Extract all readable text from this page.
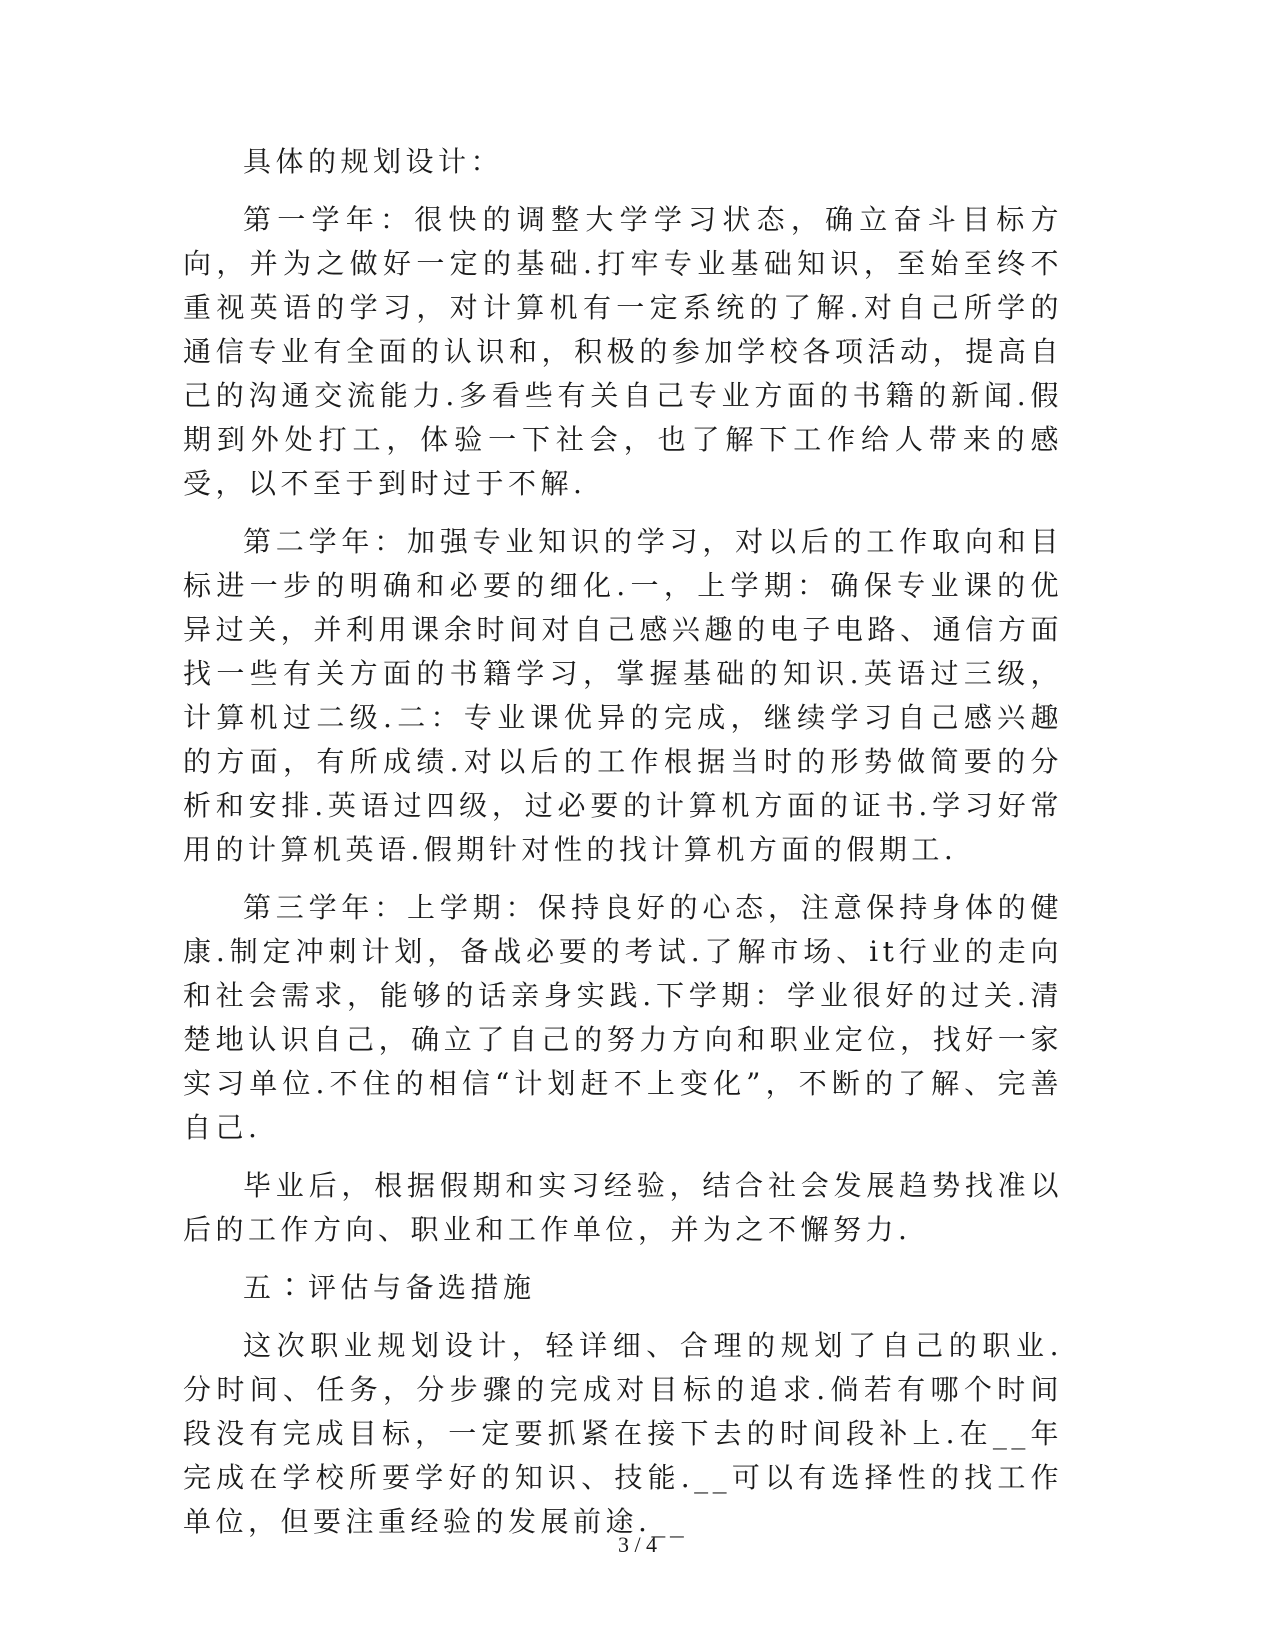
具体的规划设计：

第一学年：很快的调整大学学习状态，确立奋斗目标方向，并为之做好一定的基础.打牢专业基础知识，至始至终不重视英语的学习，对计算机有一定系统的了解.对自己所学的通信专业有全面的认识和，积极的参加学校各项活动，提高自己的沟通交流能力.多看些有关自己专业方面的书籍的新闻.假期到外处打工，体验一下社会，也了解下工作给人带来的感受，以不至于到时过于不解.

第二学年：加强专业知识的学习，对以后的工作取向和目标进一步的明确和必要的细化.一，上学期：确保专业课的优异过关，并利用课余时间对自己感兴趣的电子电路、通信方面找一些有关方面的书籍学习，掌握基础的知识.英语过三级，计算机过二级.二：专业课优异的完成，继续学习自己感兴趣的方面，有所成绩.对以后的工作根据当时的形势做简要的分析和安排.英语过四级，过必要的计算机方面的证书.学习好常用的计算机英语.假期针对性的找计算机方面的假期工.

第三学年：上学期：保持良好的心态，注意保持身体的健康.制定冲刺计划，备战必要的考试.了解市场、it行业的走向和社会需求，能够的话亲身实践.下学期：学业很好的过关.清楚地认识自己，确立了自己的努力方向和职业定位，找好一家实习单位.不住的相信“计划赶不上变化”，不断的了解、完善自己.

毕业后，根据假期和实习经验，结合社会发展趋势找准以后的工作方向、职业和工作单位，并为之不懈努力.

五∶评估与备选措施

这次职业规划设计，轻详细、合理的规划了自己的职业.分时间、任务，分步骤的完成对目标的追求.倘若有哪个时间段没有完成目标，一定要抓紧在接下去的时间段补上.在__年完成在学校所要学好的知识、技能.__可以有选择性的找工作单位，但要注重经验的发展前途.__

3 / 4
